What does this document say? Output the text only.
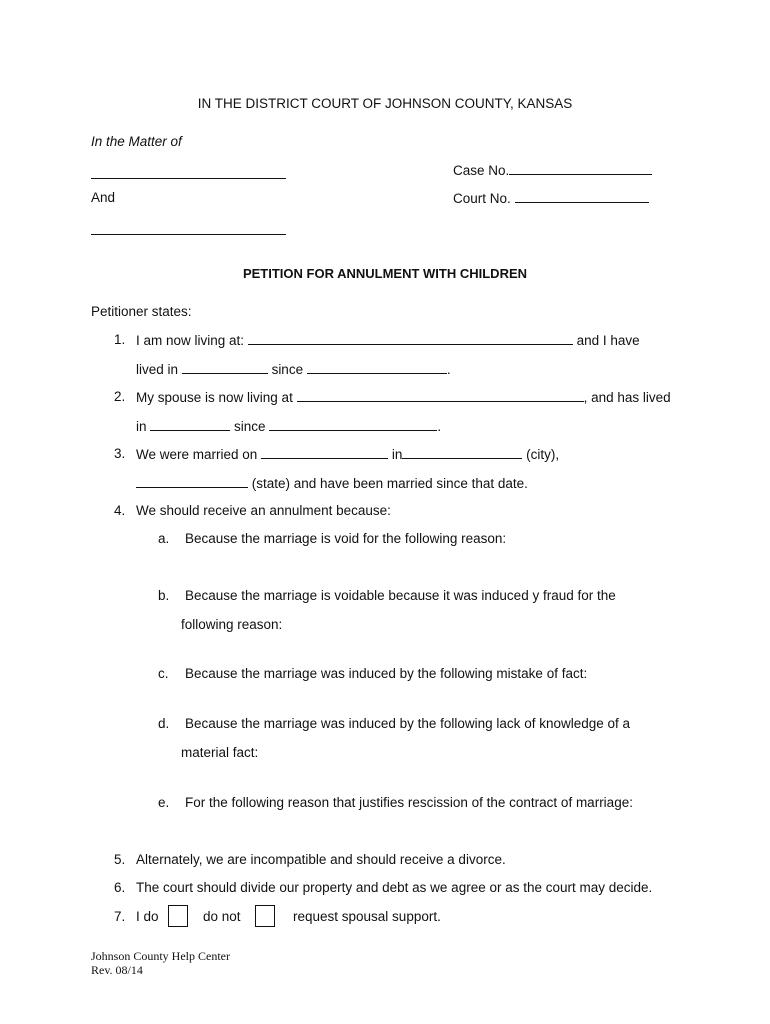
IN THE DISTRICT COURT OF JOHNSON COUNTY, KANSAS
In the Matter of
Case No.
And	Court No.
PETITION FOR ANNULMENT WITH CHILDREN
Petitioner states:
1. I am now living at:	and I have
lived in	since	.
2. My spouse is now living at	, and has lived
in	since	.
3. We were married on	in	(city),
(state) and have been married since that date.
4. We should receive an annulment because:
a. Because the marriage is void for the following reason:
b. Because the marriage is voidable because it was induced y fraud for the
following reason:
c. Because the marriage was induced by the following mistake of fact:
d. Because the marriage was induced by the following lack of knowledge of a
material fact:
e. For the following reason that justifies rescission of the contract of marriage:
5. Alternately, we are incompatible and should receive a divorce.
6. The court should divide our property and debt as we agree or as the court may decide.
7. I do	do not	request spousal support.
Johnson County Help Center
Rev. 08/14
